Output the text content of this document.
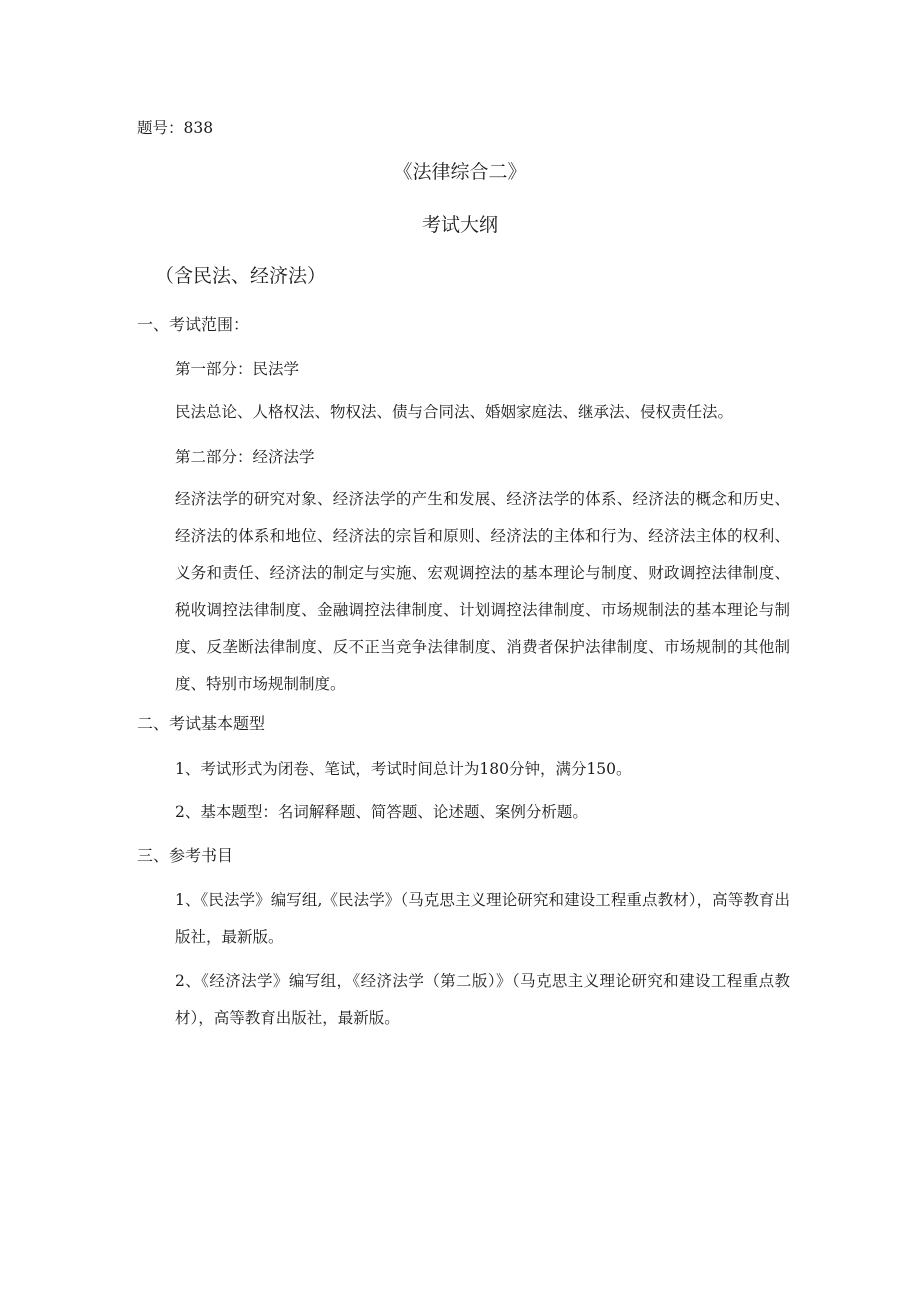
题号：838
《法律综合二》
考试大纲
（含民法、经济法）
一、考试范围：
第一部分：民法学
民法总论、人格权法、物权法、债与合同法、婚姻家庭法、继承法、侵权责任法。
第二部分：经济法学
经济法学的研究对象、经济法学的产生和发展、经济法学的体系、经济法的概念和历史、经济法的体系和地位、经济法的宗旨和原则、经济法的主体和行为、经济法主体的权利、义务和责任、经济法的制定与实施、宏观调控法的基本理论与制度、财政调控法律制度、税收调控法律制度、金融调控法律制度、计划调控法律制度、市场规制法的基本理论与制度、反垄断法律制度、反不正当竞争法律制度、消费者保护法律制度、市场规制的其他制度、特别市场规制制度。
二、考试基本题型
1、考试形式为闭卷、笔试，考试时间总计为180分钟，满分150。
2、基本题型：名词解释题、简答题、论述题、案例分析题。
三、参考书目
1、《民法学》编写组,《民法学》（马克思主义理论研究和建设工程重点教材），高等教育出版社，最新版。
2、《经济法学》编写组，《经济法学（第二版）》（马克思主义理论研究和建设工程重点教材），高等教育出版社，最新版。
